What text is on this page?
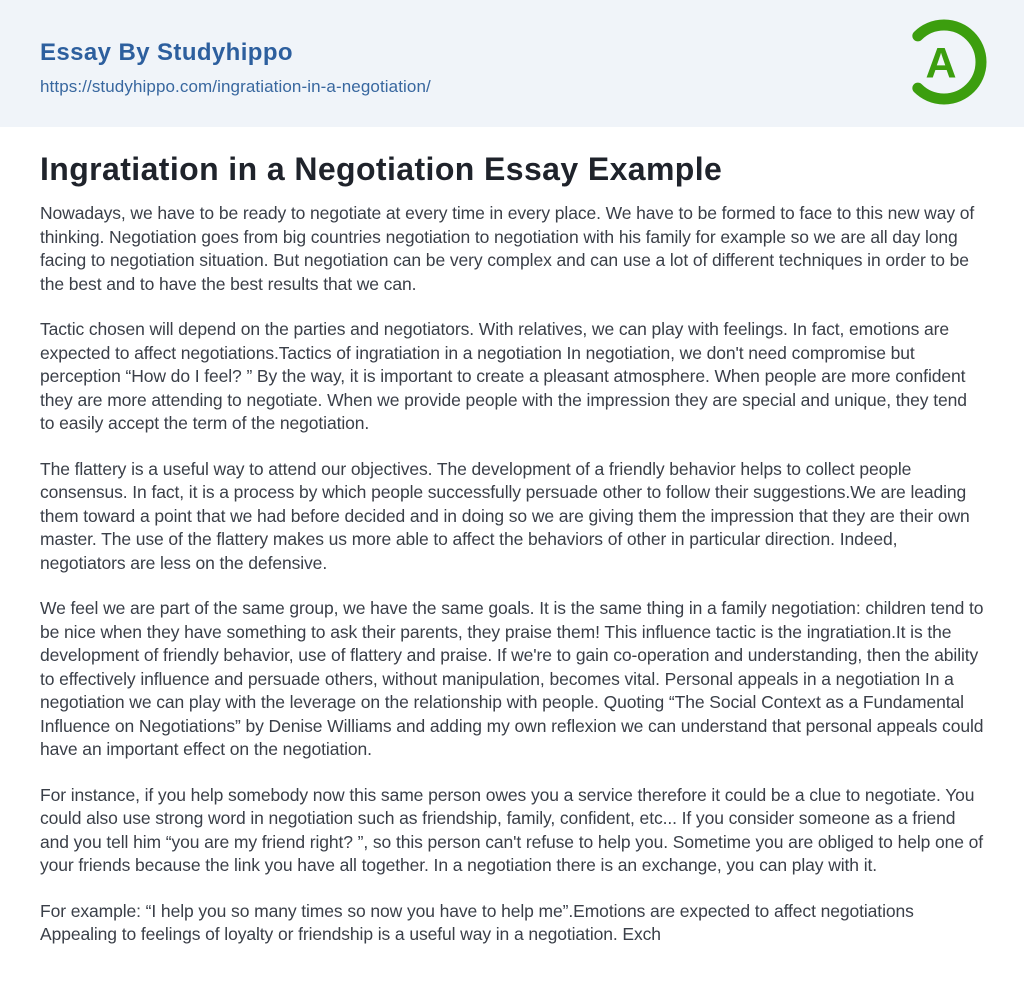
Essay By Studyhippo
https://studyhippo.com/ingratiation-in-a-negotiation/	A
Ingratiation in a Negotiation Essay Example

Nowadays, we have to be ready to negotiate at every time in every place. We have to be formed to face to this new way of thinking. Negotiation goes from big countries negotiation to negotiation with his family for example so we are all day long facing to negotiation situation. But negotiation can be very complex and can use a lot of different techniques in order to be the best and to have the best results that we can.

Tactic chosen will depend on the parties and negotiators. With relatives, we can play with feelings. In fact, emotions are expected to affect negotiations.Tactics of ingratiation in a negotiation In negotiation, we don't need compromise but perception “How do I feel? ” By the way, it is important to create a pleasant atmosphere. When people are more confident they are more attending to negotiate. When we provide people with the impression they are special and unique, they tend to easily accept the term of the negotiation.

The flattery is a useful way to attend our objectives. The development of a friendly behavior helps to collect people consensus. In fact, it is a process by which people successfully persuade other to follow their suggestions.We are leading them toward a point that we had before decided and in doing so we are giving them the impression that they are their own master. The use of the flattery makes us more able to affect the behaviors of other in particular direction. Indeed, negotiators are less on the defensive.

We feel we are part of the same group, we have the same goals. It is the same thing in a family negotiation: children tend to be nice when they have something to ask their parents, they praise them! This influence tactic is the ingratiation.It is the development of friendly behavior, use of flattery and praise. If we're to gain co-operation and understanding, then the ability to effectively influence and persuade others, without manipulation, becomes vital. Personal appeals in a negotiation In a negotiation we can play with the leverage on the relationship with people. Quoting “The Social Context as a Fundamental Influence on Negotiations” by Denise Williams and adding my own reflexion we can understand that personal appeals could have an important effect on the negotiation.

For instance, if you help somebody now this same person owes you a service therefore it could be a clue to negotiate. You could also use strong word in negotiation such as friendship, family, confident, etc... If you consider someone as a friend and you tell him “you are my friend right? ”, so this person can't refuse to help you. Sometime you are obliged to help one of your friends because the link you have all together. In a negotiation there is an exchange, you can play with it.

For example: “I help you so many times so now you have to help me”.Emotions are expected to affect negotiations Appealing to feelings of loyalty or friendship is a useful way in a negotiation. Exch
